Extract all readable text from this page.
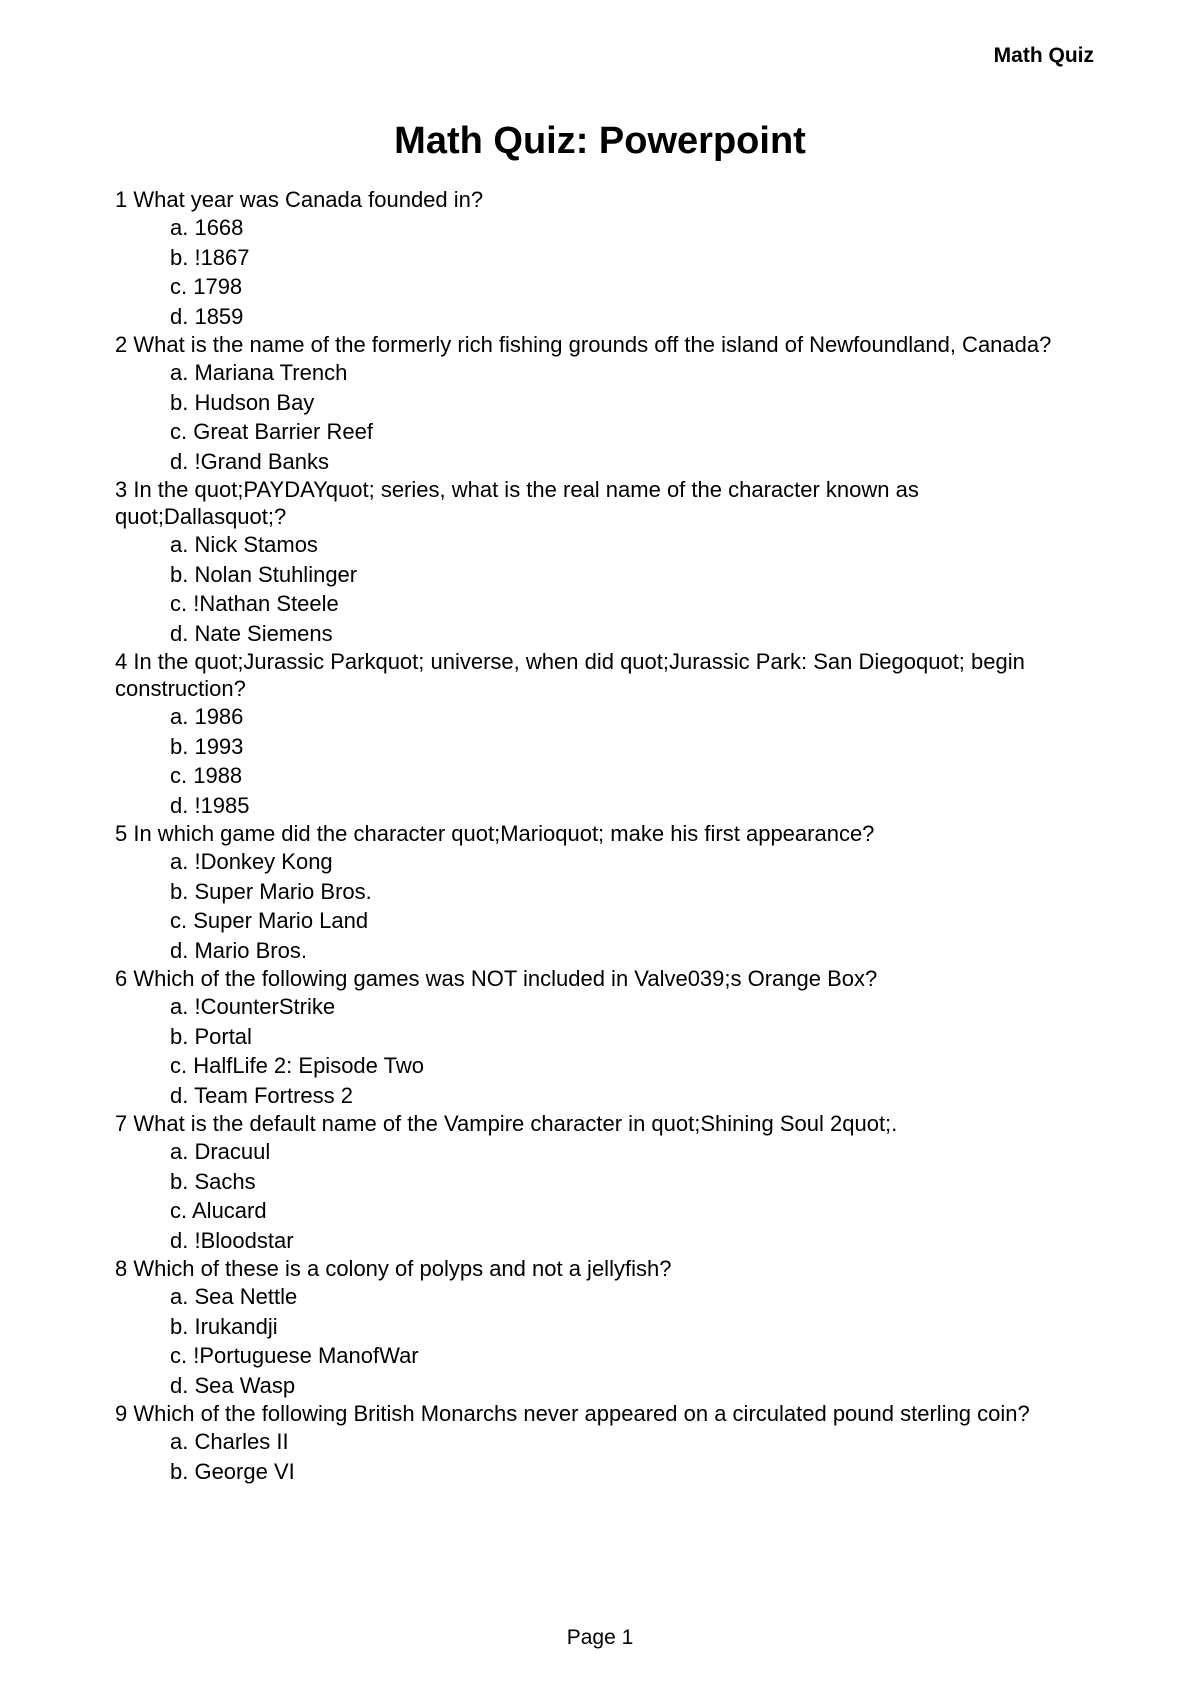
Math Quiz
Math Quiz: Powerpoint
1 What year was Canada founded in?
a. 1668
b. !1867
c. 1798
d. 1859
2 What is the name of the formerly rich fishing grounds off the island of Newfoundland, Canada?
a. Mariana Trench
b. Hudson Bay
c. Great Barrier Reef
d. !Grand Banks
3 In the quot;PAYDAYquot; series, what is the real name of the character known as quot;Dallasquot;?
a. Nick Stamos
b. Nolan Stuhlinger
c. !Nathan Steele
d. Nate Siemens
4 In the quot;Jurassic Parkquot; universe, when did quot;Jurassic Park: San Diegoquot; begin construction?
a. 1986
b. 1993
c. 1988
d. !1985
5 In which game did the character quot;Marioquot; make his first appearance?
a. !Donkey Kong
b. Super Mario Bros.
c. Super Mario Land
d. Mario Bros.
6 Which of the following games was NOT included in Valve039;s Orange Box?
a. !CounterStrike
b. Portal
c. HalfLife 2: Episode Two
d. Team Fortress 2
7 What is the default name of the Vampire character in quot;Shining Soul 2quot;.
a. Dracuul
b. Sachs
c. Alucard
d. !Bloodstar
8 Which of these is a colony of polyps and not a jellyfish?
a. Sea Nettle
b. Irukandji
c. !Portuguese ManofWar
d. Sea Wasp
9 Which of the following British Monarchs never appeared on a circulated pound sterling coin?
a. Charles II
b. George VI
Page 1
